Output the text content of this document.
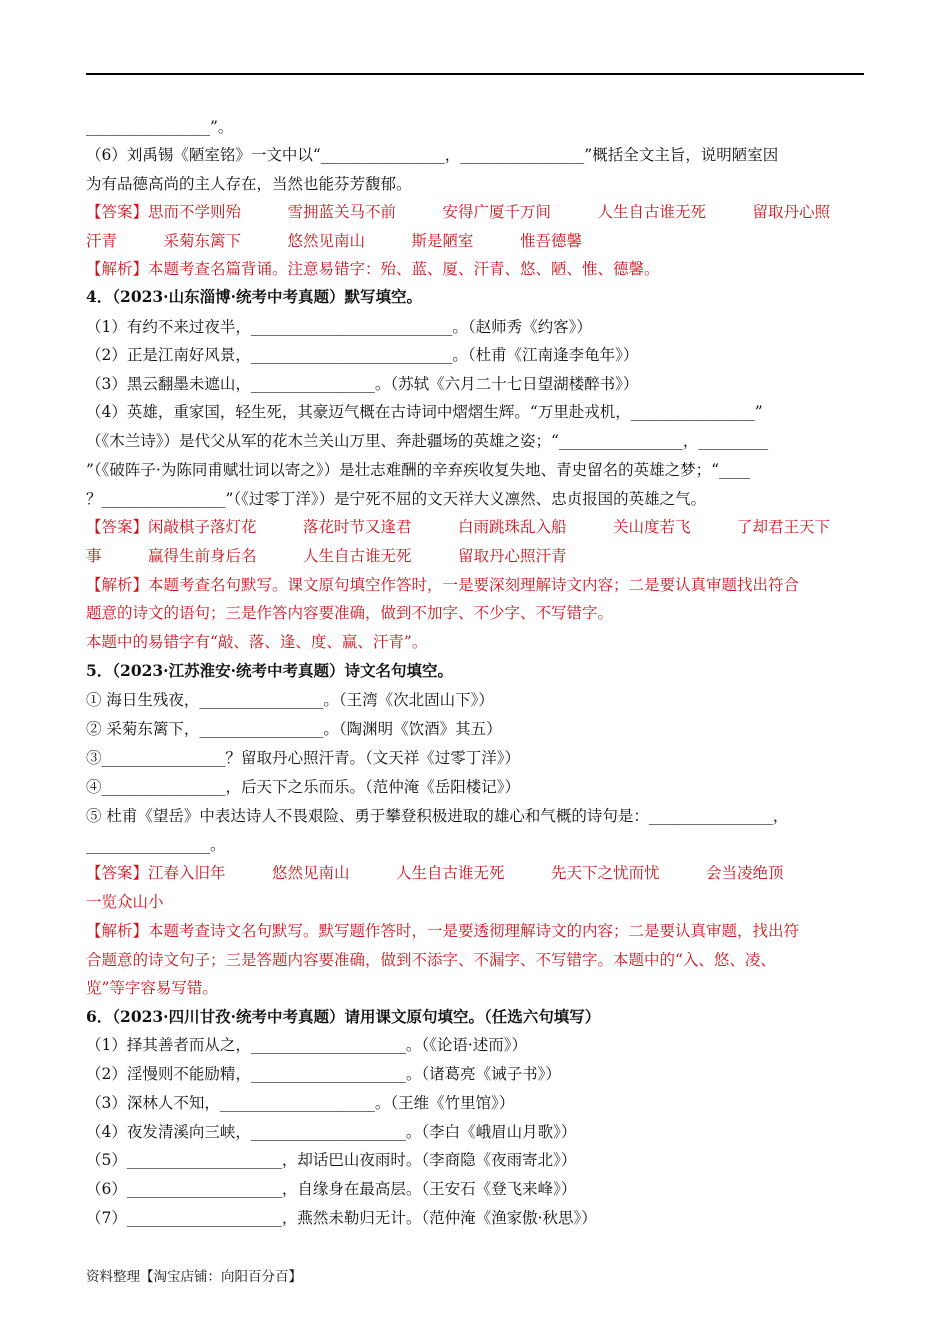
________________”。
（6）刘禹锡《陋室铭》一文中以“________________，________________”概括全文主旨，说明陋室因
为有品德高尚的主人存在，当然也能芬芳馥郁。
【答案】思而不学则殆　　　雪拥蓝关马不前　　　安得广厦千万间　　　人生自古谁无死　　　留取丹心照
汗青　　　采菊东篱下　　　悠然见南山　　　斯是陋室　　　惟吾德馨
【解析】本题考查名篇背诵。注意易错字：殆、蓝、厦、汗青、悠、陋、惟、德馨。
4．（2023·山东淄博·统考中考真题）默写填空。
（1）有约不来过夜半，__________________________。（赵师秀《约客》）
（2）正是江南好风景，__________________________。（杜甫《江南逢李龟年》）
（3）黑云翻墨未遮山，________________。（苏轼《六月二十七日望湖楼醉书》）
（4）英雄，重家国，轻生死，其豪迈气概在古诗词中熠熠生辉。“万里赴戎机，________________”
（《木兰诗》）是代父从军的花木兰关山万里、奔赴疆场的英雄之姿；“________________，_________
”（《破阵子·为陈同甫赋壮词以寄之》）是壮志难酬的辛弃疾收复失地、青史留名的英雄之梦；“____
？________________”（《过零丁洋》）是宁死不屈的文天祥大义凛然、忠贞报国的英雄之气。
【答案】闲敲棋子落灯花　　　落花时节又逢君　　　白雨跳珠乱入船　　　关山度若飞　　　了却君王天下
事　　　赢得生前身后名　　　人生自古谁无死　　　留取丹心照汗青
【解析】本题考查名句默写。课文原句填空作答时，一是要深刻理解诗文内容；二是要认真审题找出符合
题意的诗文的语句；三是作答内容要准确，做到不加字、不少字、不写错字。
本题中的易错字有“敲、落、逢、度、赢、汗青”。
5．（2023·江苏淮安·统考中考真题）诗文名句填空。
① 海日生残夜，________________。（王湾《次北固山下》）
② 采菊东篱下，________________。（陶渊明《饮酒》其五）
③________________？留取丹心照汗青。（文天祥《过零丁洋》）
④________________，后天下之乐而乐。（范仲淹《岳阳楼记》）
⑤ 杜甫《望岳》中表达诗人不畏艰险、勇于攀登积极进取的雄心和气概的诗句是：________________，
________________。
【答案】江春入旧年　　　悠然见南山　　　人生自古谁无死　　　先天下之忧而忧　　　会当凌绝顶
一览众山小
【解析】本题考查诗文名句默写。默写题作答时，一是要透彻理解诗文的内容；二是要认真审题，找出符
合题意的诗文句子；三是答题内容要准确，做到不添字、不漏字、不写错字。本题中的“入、悠、凌、
览”等字容易写错。
6．（2023·四川甘孜·统考中考真题）请用课文原句填空。（任选六句填写）
（1）择其善者而从之，____________________。（《论语·述而》）
（2）淫慢则不能励精，____________________。（诸葛亮《诫子书》）
（3）深林人不知，____________________。（王维《竹里馆》）
（4）夜发清溪向三峡，____________________。（李白《峨眉山月歌》）
（5）____________________，却话巴山夜雨时。（李商隐《夜雨寄北》）
（6）____________________，自缘身在最高层。（王安石《登飞来峰》）
（7）____________________，燕然未勒归无计。（范仲淹《渔家傲·秋思》）
资料整理【淘宝店铺：向阳百分百】
